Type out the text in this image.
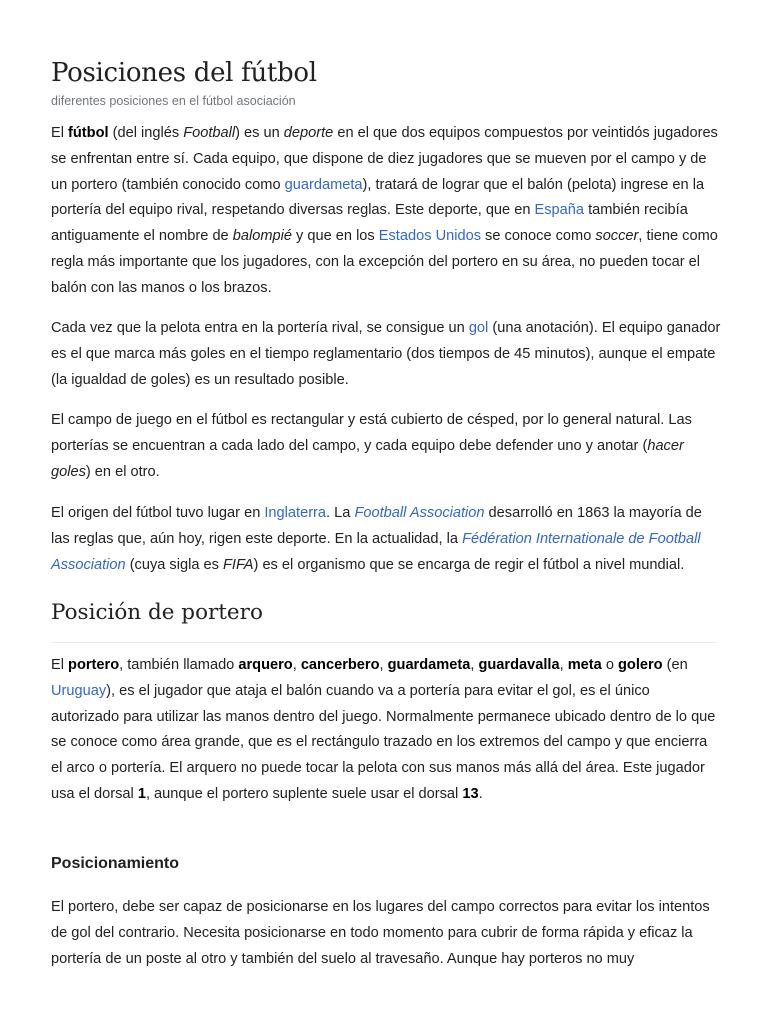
Posiciones del fútbol
diferentes posiciones en el fútbol asociación

El fútbol (del inglés Football) es un deporte en el que dos equipos compuestos por veintidós jugadores se enfrentan entre sí. Cada equipo, que dispone de diez jugadores que se mueven por el campo y de un portero (también conocido como guardameta), tratará de lograr que el balón (pelota) ingrese en la portería del equipo rival, respetando diversas reglas. Este deporte, que en España también recibía antiguamente el nombre de balompié y que en los Estados Unidos se conoce como soccer, tiene como regla más importante que los jugadores, con la excepción del portero en su área, no pueden tocar el balón con las manos o los brazos.

Cada vez que la pelota entra en la portería rival, se consigue un gol (una anotación). El equipo ganador es el que marca más goles en el tiempo reglamentario (dos tiempos de 45 minutos), aunque el empate (la igualdad de goles) es un resultado posible.

El campo de juego en el fútbol es rectangular y está cubierto de césped, por lo general natural. Las porterías se encuentran a cada lado del campo, y cada equipo debe defender uno y anotar (hacer goles) en el otro.

El origen del fútbol tuvo lugar en Inglaterra. La Football Association desarrolló en 1863 la mayoría de las reglas que, aún hoy, rigen este deporte. En la actualidad, la Fédération Internationale de Football Association (cuya sigla es FIFA) es el organismo que se encarga de regir el fútbol a nivel mundial.

Posición de portero

El portero, también llamado arquero, cancerbero, guardameta, guardavalla, meta o golero (en Uruguay), es el jugador que ataja el balón cuando va a portería para evitar el gol, es el único autorizado para utilizar las manos dentro del juego. Normalmente permanece ubicado dentro de lo que se conoce como área grande, que es el rectángulo trazado en los extremos del campo y que encierra el arco o portería. El arquero no puede tocar la pelota con sus manos más allá del área. Este jugador usa el dorsal 1, aunque el portero suplente suele usar el dorsal 13.

Posicionamiento

El portero, debe ser capaz de posicionarse en los lugares del campo correctos para evitar los intentos de gol del contrario. Necesita posicionarse en todo momento para cubrir de forma rápida y eficaz la portería de un poste al otro y también del suelo al travesaño. Aunque hay porteros no muy
